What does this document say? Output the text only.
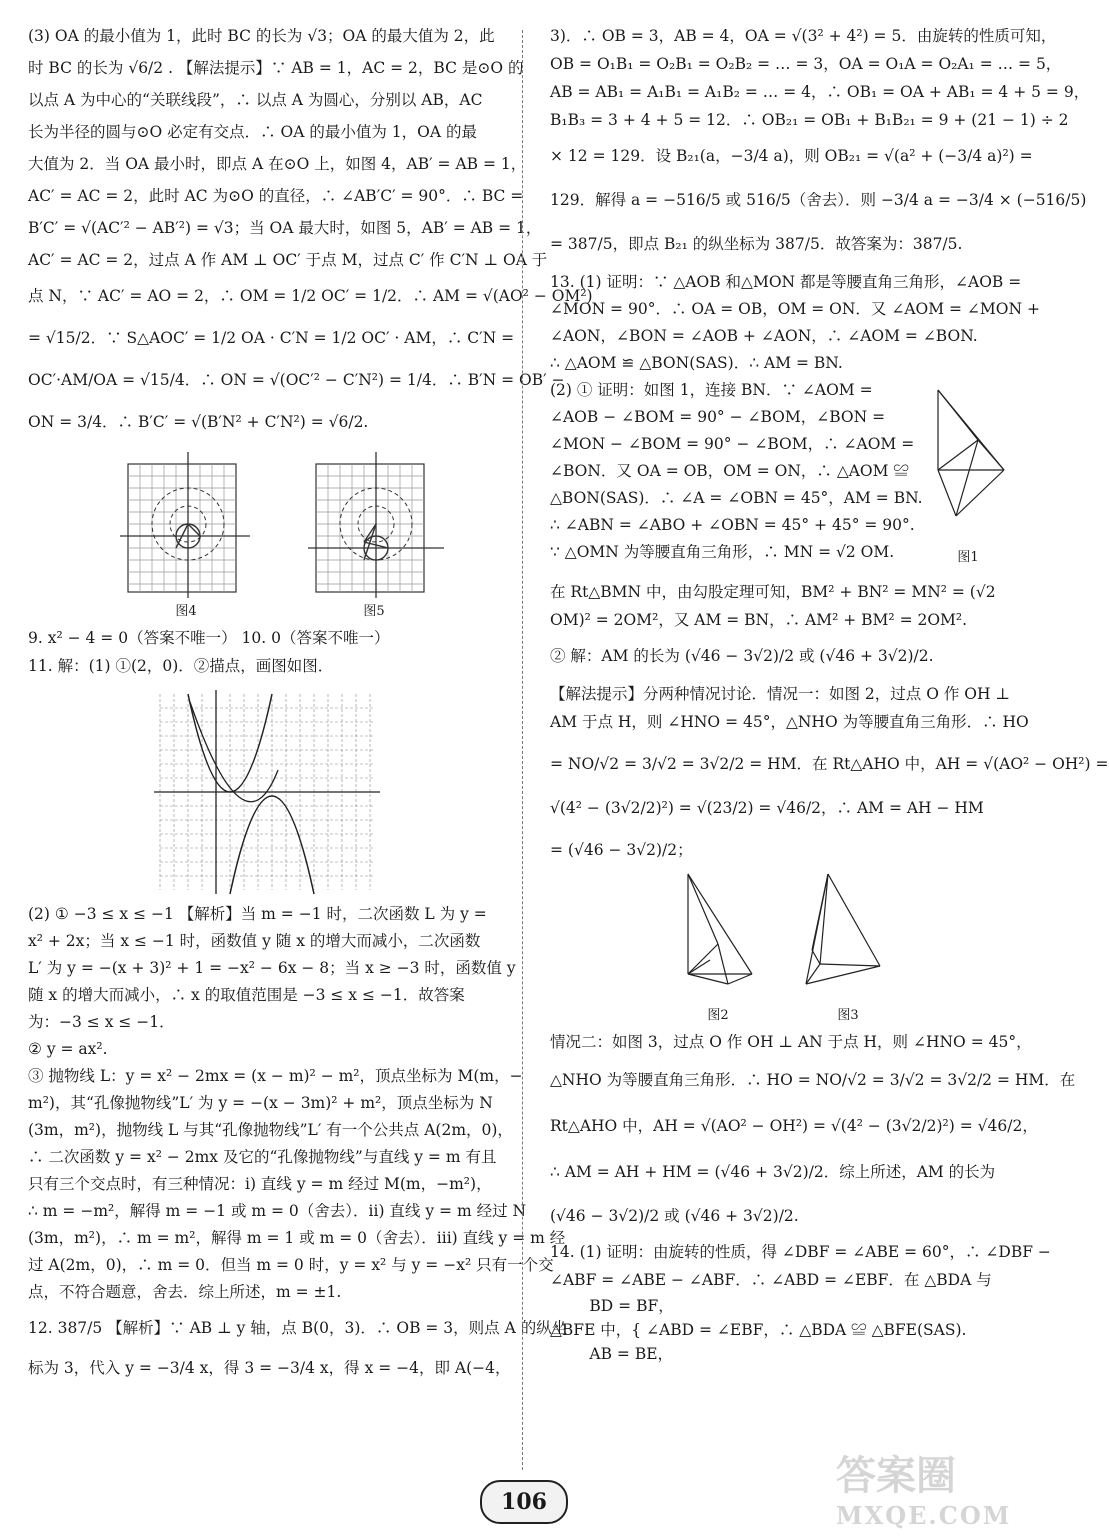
(3) OA 的最小值为 1，此时 BC 的长为 √3；OA 的最大值为 2，此

时 BC 的长为 √6/2 . 【解法提示】∵ AB = 1，AC = 2，BC 是⊙O 的

以点 A 为中心的“关联线段”，∴ 以点 A 为圆心，分别以 AB，AC

长为半径的圆与⊙O 必定有交点．∴ OA 的最小值为 1，OA 的最

大值为 2．当 OA 最小时，即点 A 在⊙O 上，如图 4，AB′ = AB = 1，

AC′ = AC = 2，此时 AC 为⊙O 的直径，∴ ∠AB′C′ = 90°．∴ BC =

B′C′ = √(AC′² − AB′²) = √3；当 OA 最大时，如图 5，AB′ = AB = 1，

AC′ = AC = 2，过点 A 作 AM ⊥ OC′ 于点 M，过点 C′ 作 C′N ⊥ OA 于

点 N，∵ AC′ = AO = 2，∴ OM = 1/2 OC′ = 1/2．∴ AM = √(AO² − OM²)

= √15/2．∵ S△AOC′ = 1/2 OA · C′N = 1/2 OC′ · AM，∴ C′N =

OC′·AM/OA = √15/4．∴ ON = √(OC′² − C′N²) = 1/4．∴ B′N = OB′ −

ON = 3/4．∴ B′C′ = √(B′N² + C′N²) = √6/2.

图4	图5

9. x² − 4 = 0（答案不唯一） 10. 0（答案不唯一）

11. 解：(1) ①(2，0)．②描点，画图如图．

(2) ① −3 ≤ x ≤ −1 【解析】当 m = −1 时，二次函数 L 为 y =

x² + 2x；当 x ≤ −1 时，函数值 y 随 x 的增大而减小，二次函数

L′ 为 y = −(x + 3)² + 1 = −x² − 6x − 8；当 x ≥ −3 时，函数值 y

随 x 的增大而减小，∴ x 的取值范围是 −3 ≤ x ≤ −1．故答案

为：−3 ≤ x ≤ −1．

② y = ax².

③ 抛物线 L：y = x² − 2mx = (x − m)² − m²，顶点坐标为 M(m，−

m²)，其“孔像抛物线”L′ 为 y = −(x − 3m)² + m²，顶点坐标为 N

(3m，m²)，抛物线 L 与其“孔像抛物线”L′ 有一个公共点 A(2m，0)，

∴ 二次函数 y = x² − 2mx 及它的“孔像抛物线”与直线 y = m 有且

只有三个交点时，有三种情况：i) 直线 y = m 经过 M(m，−m²)，

∴ m = −m²，解得 m = −1 或 m = 0（舍去）．ii) 直线 y = m 经过 N

(3m，m²)，∴ m = m²，解得 m = 1 或 m = 0（舍去）．iii) 直线 y = m 经

过 A(2m，0)，∴ m = 0．但当 m = 0 时，y = x² 与 y = −x² 只有一个交

点，不符合题意，舍去．综上所述，m = ±1.

12. 387/5 【解析】∵ AB ⊥ y 轴，点 B(0，3)．∴ OB = 3，则点 A 的纵坐

标为 3，代入 y = −3/4 x，得 3 = −3/4 x，得 x = −4，即 A(−4，

3)．∴ OB = 3，AB = 4，OA = √(3² + 4²) = 5．由旋转的性质可知，

OB = O₁B₁ = O₂B₁ = O₂B₂ = … = 3，OA = O₁A = O₂A₁ = … = 5，

AB = AB₁ = A₁B₁ = A₁B₂ = … = 4，∴ OB₁ = OA + AB₁ = 4 + 5 = 9，

B₁B₃ = 3 + 4 + 5 = 12．∴ OB₂₁ = OB₁ + B₁B₂₁ = 9 + (21 − 1) ÷ 2

× 12 = 129．设 B₂₁(a，−3/4 a)，则 OB₂₁ = √(a² + (−3/4 a)²) =

129．解得 a = −516/5 或 516/5（舍去）．则 −3/4 a = −3/4 × (−516/5)

= 387/5，即点 B₂₁ 的纵坐标为 387/5．故答案为：387/5.

13. (1) 证明：∵ △AOB 和△MON 都是等腰直角三角形，∠AOB =

∠MON = 90°．∴ OA = OB，OM = ON．又 ∠AOM = ∠MON +

∠AON，∠BON = ∠AOB + ∠AON，∴ ∠AOM = ∠BON.

∴ △AOM ≌ △BON(SAS)．∴ AM = BN.

(2) ① 证明：如图 1，连接 BN．∵ ∠AOM =

∠AOB − ∠BOM = 90° − ∠BOM，∠BON =

∠MON − ∠BOM = 90° − ∠BOM，∴ ∠AOM =

∠BON．又 OA = OB，OM = ON，∴ △AOM ≌

△BON(SAS)．∴ ∠A = ∠OBN = 45°，AM = BN.

∴ ∠ABN = ∠ABO + ∠OBN = 45° + 45° = 90°.

∵ △OMN 为等腰直角三角形，∴ MN = √2 OM.	图1

在 Rt△BMN 中，由勾股定理可知，BM² + BN² = MN² = (√2

OM)² = 2OM²，又 AM = BN，∴ AM² + BM² = 2OM².

② 解：AM 的长为 (√46 − 3√2)/2 或 (√46 + 3√2)/2.

【解法提示】分两种情况讨论．情况一：如图 2，过点 O 作 OH ⊥

AM 于点 H，则 ∠HNO = 45°，△NHO 为等腰直角三角形．∴ HO

= NO/√2 = 3/√2 = 3√2/2 = HM．在 Rt△AHO 中，AH = √(AO² − OH²) =

√(4² − (3√2/2)²) = √(23/2) = √46/2，∴ AM = AH − HM

= (√46 − 3√2)/2；

图2	图3

情况二：如图 3，过点 O 作 OH ⊥ AN 于点 H，则 ∠HNO = 45°，

△NHO 为等腰直角三角形．∴ HO = NO/√2 = 3/√2 = 3√2/2 = HM．在

Rt△AHO 中，AH = √(AO² − OH²) = √(4² − (3√2/2)²) = √46/2，

∴ AM = AH + HM = (√46 + 3√2)/2．综上所述，AM 的长为

(√46 − 3√2)/2 或 (√46 + 3√2)/2.

14. (1) 证明：由旋转的性质，得 ∠DBF = ∠ABE = 60°，∴ ∠DBF −

∠ABF = ∠ABE − ∠ABF．∴ ∠ABD = ∠EBF．在 △BDA 与

BD = BF，

△BFE 中，{ ∠ABD = ∠EBF，∴ △BDA ≌ △BFE(SAS).

AB = BE，

106
答案圈
MXQE.COM
